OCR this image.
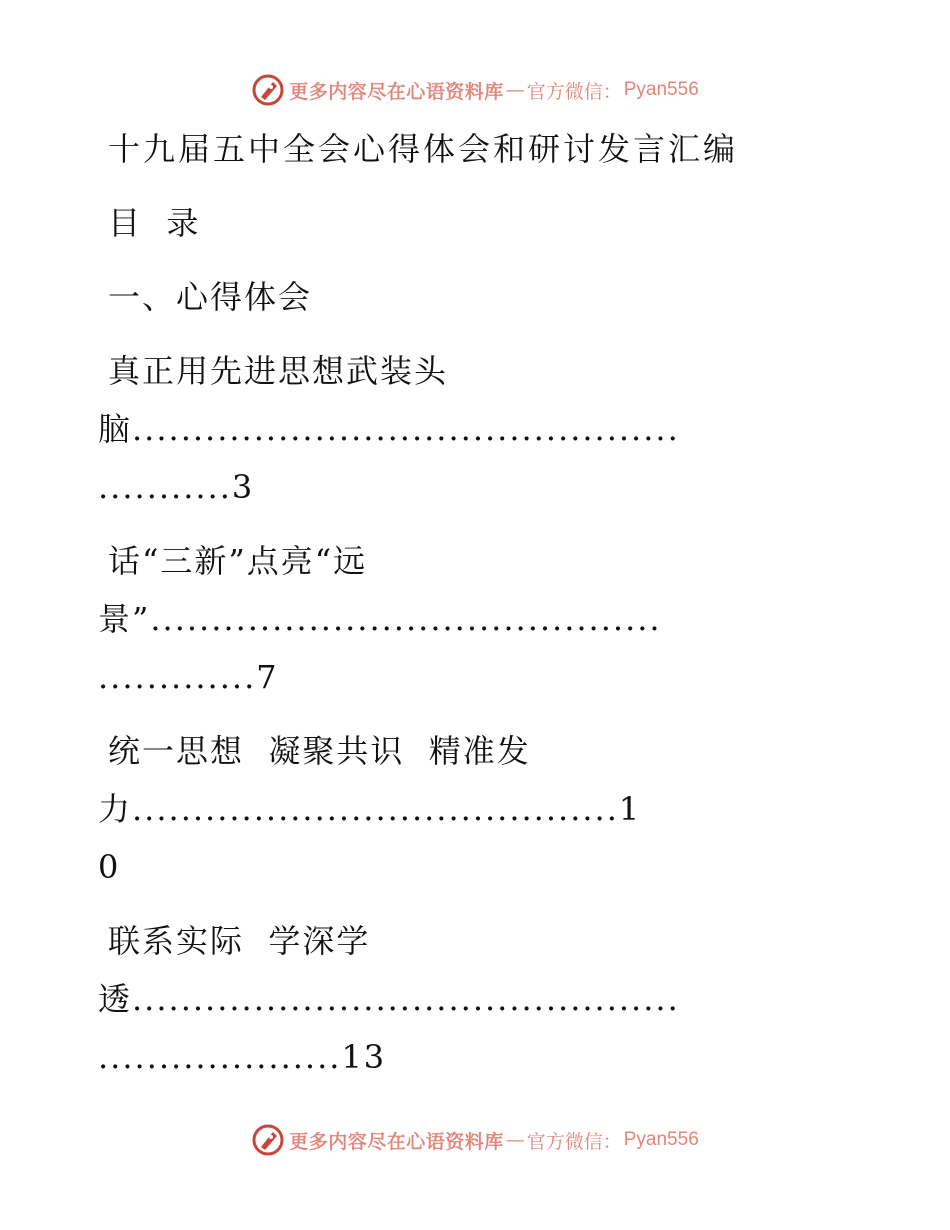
更多内容尽在心语资料库 — 官方微信： Pyan556
十九届五中全会心得体会和研讨发言汇编
目  录
一、心得体会
真正用先进思想武装头
脑.............................................
...........3
话“三新”点亮“远
景”..........................................
.............7
统一思想  凝聚共识  精准发
力........................................1
0
联系实际  学深学
透.............................................
....................13
更多内容尽在心语资料库 — 官方微信： Pyan556
